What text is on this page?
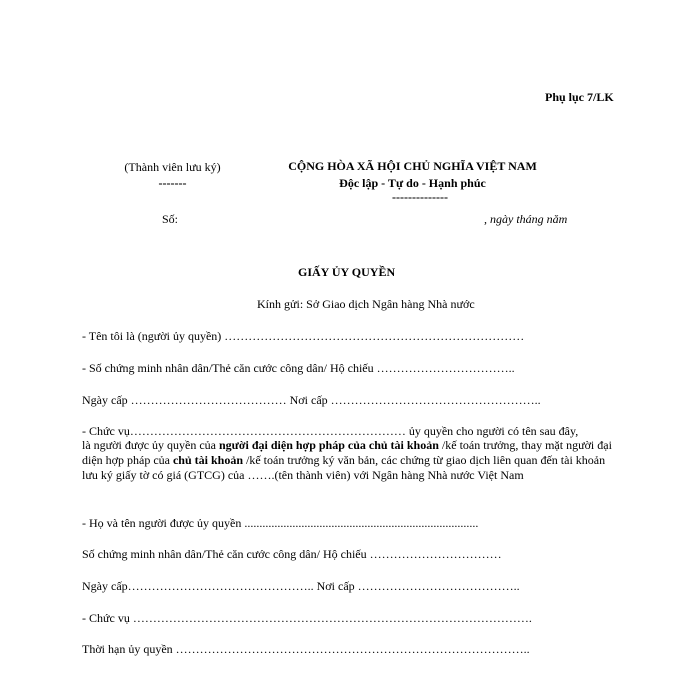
Phụ lục 7/LK
(Thành viên lưu ký)
-------
CỘNG HÒA XÃ HỘI CHỦ NGHĨA VIỆT NAM
Độc lập - Tự do - Hạnh phúc
--------------
Số:	, ngày tháng năm
GIẤY ỦY QUYỀN
Kính gửi: Sở Giao dịch Ngân hàng Nhà nước
- Tên tôi là (người ủy quyền) …………………………………………………………………
- Số chứng minh nhân dân/Thẻ căn cước công dân/ Hộ chiếu ……………………………..
Ngày cấp ………………………………… Nơi cấp ……………………………………………..
- Chức vụ…………………………………………………………… ủy quyền cho người có tên sau đây,
là người được ủy quyền của người đại diện hợp pháp của chủ tài khoản /kế toán trưởng, thay mặt người đại diện hợp pháp của chủ tài khoản /kế toán trưởng ký văn bản, các chứng từ giao dịch liên quan đến tài khoản lưu ký giấy tờ có giá (GTCG) của …….(tên thành viên) với Ngân hàng Nhà nước Việt Nam
- Họ và tên người được ủy quyền ..............................................................................
Số chứng minh nhân dân/Thẻ căn cước công dân/ Hộ chiếu ……………………………
Ngày cấp……………………………………….. Nơi cấp …………………………………..
- Chức vụ ……………………………………………………………………………………….
Thời hạn ủy quyền ……………………………………………………………………………..
